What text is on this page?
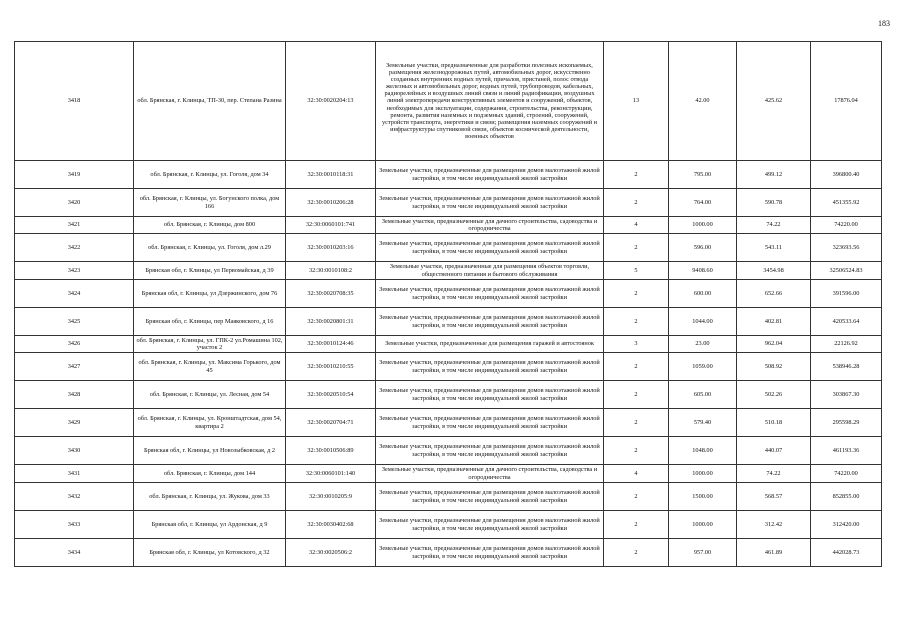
183
3418	обл. Брянская, г. Клинцы, ТП-30, пер. Степана Разина	32:30:0020204:13	Земельные участки, предназначенные для разработки полезных ископаемых, размещения железнодорожных путей, автомобильных дорог, искусственно созданных внутренних водных путей, причалов, пристаней, полос отвода железных и автомобильных дорог, водных путей, трубопроводов, кабельных, радиорелейных и воздушных линий связи и линий радиофикации, воздушных линий электропередачи конструктивных элементов и сооружений, объектов, необходимых для эксплуатации, содержания, строительства, реконструкции, ремонта, развития наземных и подземных зданий, строений, сооружений, устройств транспорта, энергетики и связи; размещения наземных сооружений и инфраструктуры спутниковой связи, объектов космической деятельности, военных объектов	13	42.00	425.62	17876.04
3419	обл. Брянская, г. Клинцы, ул. Гоголя, дом 34	32:30:0010118:31	Земельные участки, предназначенные для размещения домов малоэтажной жилой застройки, в том числе индивидуальной жилой застройки	2	795.00	499.12	396800.40
3420	обл. Брянская, г. Клинцы, ул. Богунского полка, дом 166	32:30:0010206:28	Земельные участки, предназначенные для размещения домов малоэтажной жилой застройки, в том числе индивидуальной жилой застройки	2	764.00	590.78	451355.92
3421	обл. Брянская, г. Клинцы, дом 800	32:30:0060101:741	Земельные участки, предназначенные для дачного строительства, садоводства и огородничества	4	1000.00	74.22	74220.00
3422	обл. Брянская, г. Клинцы, ул. Гоголя, дом л.29	32:30:0010203:16	Земельные участки, предназначенные для размещения домов малоэтажной жилой застройки, в том числе индивидуальной жилой застройки	2	596.00	543.11	323693.56
3423	Брянская обл, г. Клинцы, ул Первомайская, д 39	32:30:0010108:2	Земельные участки, предназначенные для размещения объектов торговли, общественного питания и бытового обслуживания	5	9408.60	3454.98	32506524.83
3424	Брянская обл, г. Клинцы, ул Дзержинского, дом 76	32:30:0020708:35	Земельные участки, предназначенные для размещения домов малоэтажной жилой застройки, в том числе индивидуальной жилой застройки	2	600.00	652.66	391596.00
3425	Брянская обл, г. Клинцы, пер Маяковского, д 16	32:30:0020801:31	Земельные участки, предназначенные для размещения домов малоэтажной жилой застройки, в том числе индивидуальной жилой застройки	2	1044.00	402.81	420533.64
3426	обл. Брянская, г. Клинцы, ул. ГПК-2 ул.Ромашина 102, участок 2	32:30:0010124:46	Земельные участки, предназначенные для размещения гаражей и автостоянок	3	23.00	962.04	22126.92
3427	обл. Брянская, г. Клинцы, ул. Максима Горького, дом 45	32:30:0010210:55	Земельные участки, предназначенные для размещения домов малоэтажной жилой застройки, в том числе индивидуальной жилой застройки	2	1059.00	508.92	538946.28
3428	обл. Брянская, г. Клинцы, ул. Лесная, дом 54	32:30:0020510:54	Земельные участки, предназначенные для размещения домов малоэтажной жилой застройки, в том числе индивидуальной жилой застройки	2	605.00	502.26	303867.30
3429	обл. Брянская, г. Клинцы, ул. Кронштадтская, дом 54, квартира 2	32:30:0020704:71	Земельные участки, предназначенные для размещения домов малоэтажной жилой застройки, в том числе индивидуальной жилой застройки	2	579.40	510.18	295598.29
3430	Брянская обл, г. Клинцы, ул Новозыбковская, д 2	32:30:0010506:89	Земельные участки, предназначенные для размещения домов малоэтажной жилой застройки, в том числе индивидуальной жилой застройки	2	1048.00	440.07	461193.36
3431	обл. Брянская, г. Клинцы, дом 144	32:30:0060101:140	Земельные участки, предназначенные для дачного строительства, садоводства и огородничества	4	1000.00	74.22	74220.00
3432	обл. Брянская, г. Клинцы, ул. Жукова, дом 33	32:30:0010205:9	Земельные участки, предназначенные для размещения домов малоэтажной жилой застройки, в том числе индивидуальной жилой застройки	2	1500.00	568.57	852855.00
3433	Брянская обл, г. Клинцы, ул Ардонская, д 9	32:30:0030402:68	Земельные участки, предназначенные для размещения домов малоэтажной жилой застройки, в том числе индивидуальной жилой застройки	2	1000.00	312.42	312420.00
3434	Брянская обл, г. Клинцы, ул Котовского, д 32	32:30:0020506:2	Земельные участки, предназначенные для размещения домов малоэтажной жилой застройки, в том числе индивидуальной жилой застройки	2	957.00	461.89	442028.73
